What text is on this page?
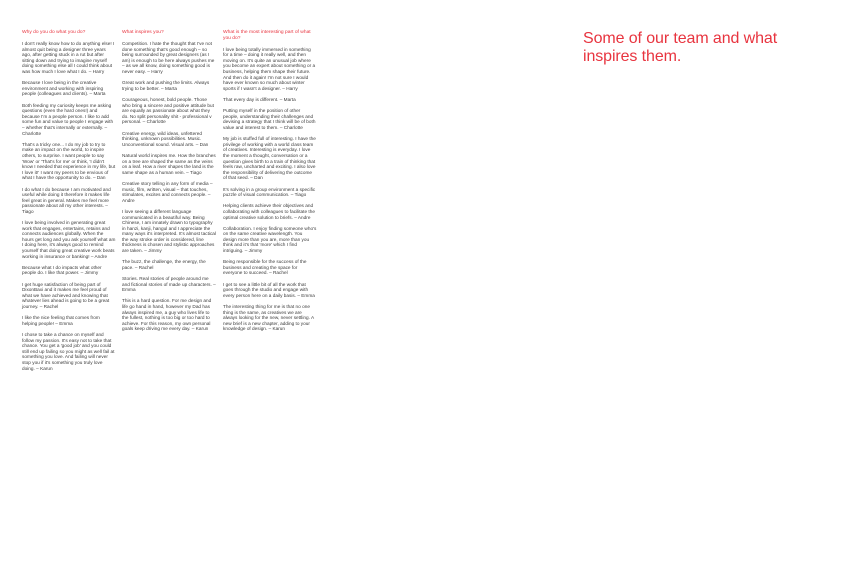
Why do you do what you do?
I don't really know how to do anything else! I almost quit being a designer three years ago, after getting stuck in a rut but after sitting down and trying to imagine myself doing something else all I could think about was how much I love what I do. – Harry
Because I love being in the creative environment and working with inspiring people (colleagues and clients). – Marta
Both feeding my curiosity keeps me asking questions (even the hard ones!) and because I'm a people person. I like to add some fun and value to people I engage with – whether that's internally or externally. – Charlotte
That's a tricky one... I do my job to try to make an impact on the world, to inspire others, to surprise. I want people to say 'Wow' or 'That's for me' or think, 'I didn't know I needed that experience in my life, but I love it!' I want my peers to be envious of what I have the opportunity to do. – Dan
I do what I do because I am motivated and useful while doing it therefore it makes life feel great in general. Makes me feel more passionate about all my other interests. – Tiago
I love being involved in generating great work that engages, entertains, retains and connects audiences globally. When the hours get long and you ask yourself what am I doing here, it's always good to remind yourself that doing great creative work beats working in insurance or banking! – Andre
Because what I do impacts what other people do. I like that power. – Jimmy
I get huge satisfaction of being part of DixonBaxi and it makes me feel proud of what we have achieved and knowing that whatever lies ahead is going to be a great journey. – Rachel
I like the nice feeling that comes from helping people! – Emma
I chose to take a chance on myself and follow my passion. It's easy not to take that chance. You get a 'good job' and you could still end up failing so you might as well fail at something you love. And failing will never stop you if it's something you truly love doing. – Karun
What inspires you?
Competition. I hate the thought that I've not done something that's good enough – so being surrounded by great designers (as I am) is enough to be here always pushes me – as we all know, doing something good is never easy. – Harry
Great work and pushing the limits. Always trying to be better. – Marta
Courageous, honest, bold people. Those who bring a sincere and positive attitude but are equally as passionate about what they do. No split personality shit - professional v personal. – Charlotte
Creative energy, wild ideas, unfettered thinking, unknown possibilities. Music. Unconventional sound. Visual arts. – Dan
Natural world inspires me. How the branches on a tree are shaped the same as the veins on a leaf. How a river shapes the land is the same shape as a human vein. – Tiago
Creative story telling in any form of media – music, film, written, visual – that touches, stimulates, excites and connects people. – Andre
I love seeing a different language communicated in a beautiful way. Being Chinese, I am innately drawn to typography in hanzi, kanji, hangul and I appreciate the many ways it's interpreted. It's almost tactical the way stroke order is considered, line thickness is chosen and stylistic approaches are taken. – Jimmy
The buzz, the challenge, the energy, the pace. – Rachel
Stories. Real stories of people around me and fictional stories of made up characters. – Emma
This is a hard question. For me design and life go hand in hand, however my Dad has always inspired me, a guy who lives life to the fullest, nothing is too big or too hard to achieve. For this reason, my own personal goals keep driving me every day. – Karun
What is the most interesting part of what you do?
I love being totally immersed in something for a time – doing it really well, and then moving on. It's quite an unusual job where you become an expert about something or a business, helping them shape their future. And then do it again! I'm not sure I would have ever known so much about winter sports if I wasn't a designer. – Harry
That every day is different. – Marta
Putting myself in the position of other people, understanding their challenges and devising a strategy that I think will be of both value and interest to them. – Charlotte
My job is stuffed full of interesting. I have the privilege of working with a world class team of creatives. Interesting is everyday. I love the moment a thought, conversation or a question gives birth to a train of thinking that feels raw, uncharted and exciting. I also love the responsibility of delivering the outcome of that seed. – Dan
It's solving in a group environment a specific puzzle of visual communication. – Tiago
Helping clients achieve their objectives and collaborating with colleagues to facilitate the optimal creative solution to briefs. – Andre
Collaboration. I enjoy finding someone who's on the same creative wavelength. You design more than you are, more than you think and it's that 'more' which I find intriguing. – Jimmy
Being responsible for the success of the business and creating the space for everyone to succeed. – Rachel
I get to see a little bit of all the work that goes through the studio and engage with every person here on a daily basis. – Emma
The interesting thing for me is that no one thing is the same, as creatives we are always looking for the new, never settling. A new brief is a new chapter, adding to your knowledge of design. – Karun
Some of our team and what inspires them.
